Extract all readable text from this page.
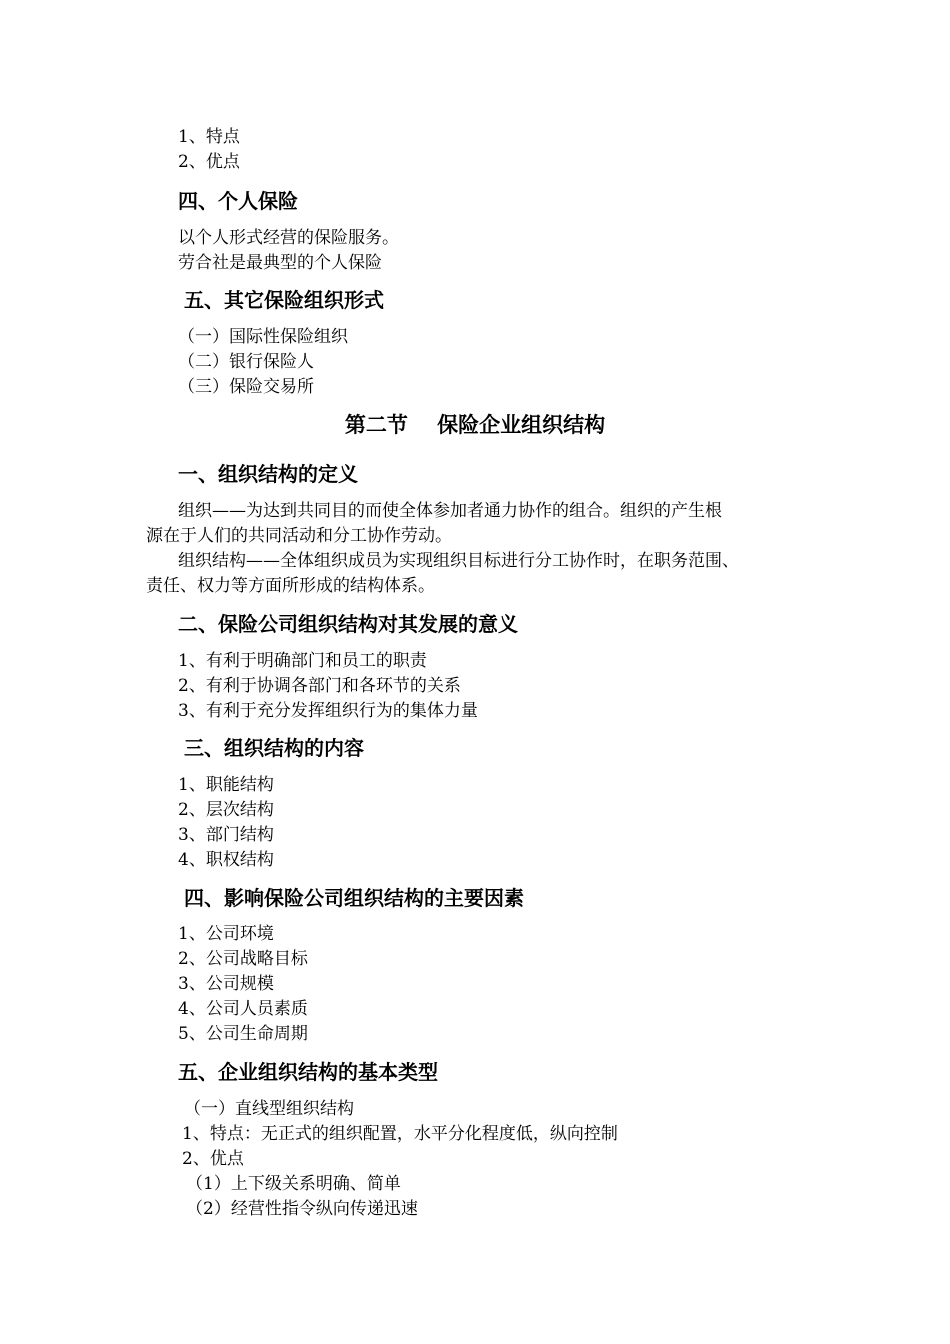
1、特点
2、优点
四、个人保险
以个人形式经营的保险服务。
劳合社是最典型的个人保险
五、其它保险组织形式
（一）国际性保险组织
（二）银行保险人
（三）保险交易所
第二节    保险企业组织结构
一、组织结构的定义
组织——为达到共同目的而使全体参加者通力协作的组合。组织的产生根
源在于人们的共同活动和分工协作劳动。
组织结构——全体组织成员为实现组织目标进行分工协作时，在职务范围、
责任、权力等方面所形成的结构体系。
二、保险公司组织结构对其发展的意义
1、有利于明确部门和员工的职责
2、有利于协调各部门和各环节的关系
3、有利于充分发挥组织行为的集体力量
三、组织结构的内容
1、职能结构
2、层次结构
3、部门结构
4、职权结构
四、影响保险公司组织结构的主要因素
1、公司环境
2、公司战略目标
3、公司规模
4、公司人员素质
5、公司生命周期
五、企业组织结构的基本类型
（一）直线型组织结构
1、特点：无正式的组织配置，水平分化程度低，纵向控制
2、优点
（1）上下级关系明确、简单
（2）经营性指令纵向传递迅速
